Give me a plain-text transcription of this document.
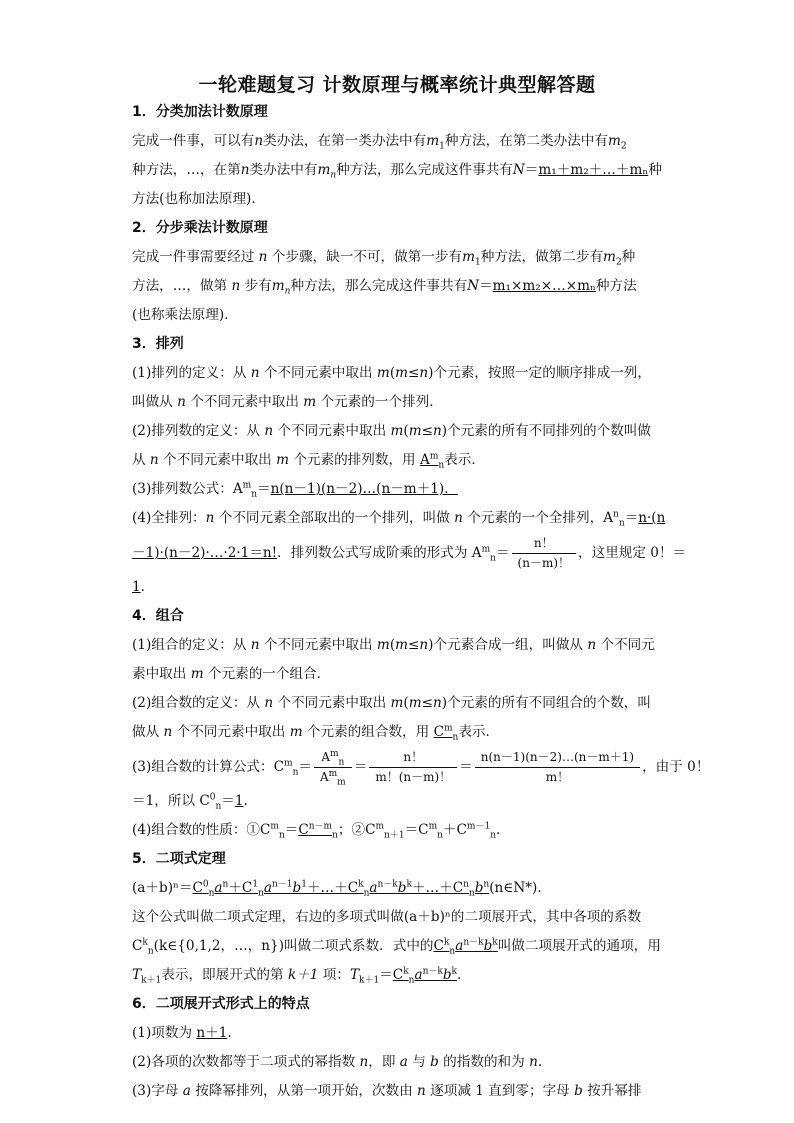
一轮难题复习 计数原理与概率统计典型解答题

1．分类加法计数原理

完成一件事，可以有n类办法，在第一类办法中有$m_1$种方法，在第二类办法中有$m_2$

种方法，…，在第n类办法中有$m_n$种方法，那么完成这件事共有N＝m₁＋m₂＋…＋mₙ种

方法(也称加法原理)．

2．分步乘法计数原理

完成一件事需要经过 n 个步骤，缺一不可，做第一步有$m_1$种方法，做第二步有$m_2$种

方法，…，做第 n 步有$m_n$种方法，那么完成这件事共有N＝m₁×m₂×…×mₙ种方法

(也称乘法原理)．

3．排列

(1)排列的定义：从 n 个不同元素中取出 m(m≤n)个元素，按照一定的顺序排成一列，

叫做从 n 个不同元素中取出 m 个元素的一个排列．

(2)排列数的定义：从 n 个不同元素中取出 m(m≤n)个元素的所有不同排列的个数叫做

从 n 个不同元素中取出 m 个元素的排列数，用 $A^m_n$表示．

(3)排列数公式：$A^m_n=n(n-1)(n-2)\dots(n-m+1)$．

(4)全排列：n 个不同元素全部取出的一个排列，叫做 n 个元素的一个全排列，$A^n_n=n\cdot(n$

－1)·(n－2)·…·2·1＝n!．排列数公式写成阶乘的形式为 $A^m_n= \frac{n!}{(n-m)!}$ ，这里规定 0！＝

1.

4．组合

(1)组合的定义：从 n 个不同元素中取出 m(m≤n)个元素合成一组，叫做从 n 个不同元

素中取出 m 个元素的一个组合．

(2)组合数的定义：从 n 个不同元素中取出 m(m≤n)个元素的所有不同组合的个数，叫

做从 n 个不同元素中取出 m 个元素的组合数，用 $C^m_n$表示．

(3)组合数的计算公式：$C^m_n= \frac{A^m_n}{A^m_m} = \frac{n!}{m!(n-m)!} = \frac{n(n-1)(n-2)\dots(n-m+1)}{m!}$ ，由于 0！

＝1，所以 $C^0_n=1$.

(4)组合数的性质：$①C^m_n=C^{n-m}_n$；$②C^m_{n+1}=C^m_n+C^{m-1}_n$.

5．二项式定理

$(a+b)^n=C^0_na^n+C^1_na^{n-1}b^1+\dots+C^k_na^{n-k}b^k+\dots+C^n_nb^n(n\in N*)$．

这个公式叫做二项式定理，右边的多项式叫做(a＋b)ⁿ的二项展开式，其中各项的系数

$C^k_n(k\in\{0,1,2$，…，n})叫做二项式系数．式中的$C^k_na^{n-k}b^k$叫做二项展开式的通项，用

$T_{k+1}$表示，即展开式的第 k＋1 项：$T_{k+1}=C^k_na^{n-k}b^k$.

6．二项展开式形式上的特点

(1)项数为 n＋1.

(2)各项的次数都等于二项式的幂指数 n，即 a 与 b 的指数的和为 n.

(3)字母 a 按降幂排列，从第一项开始，次数由 n 逐项减 1 直到零；字母 b 按升幂排
